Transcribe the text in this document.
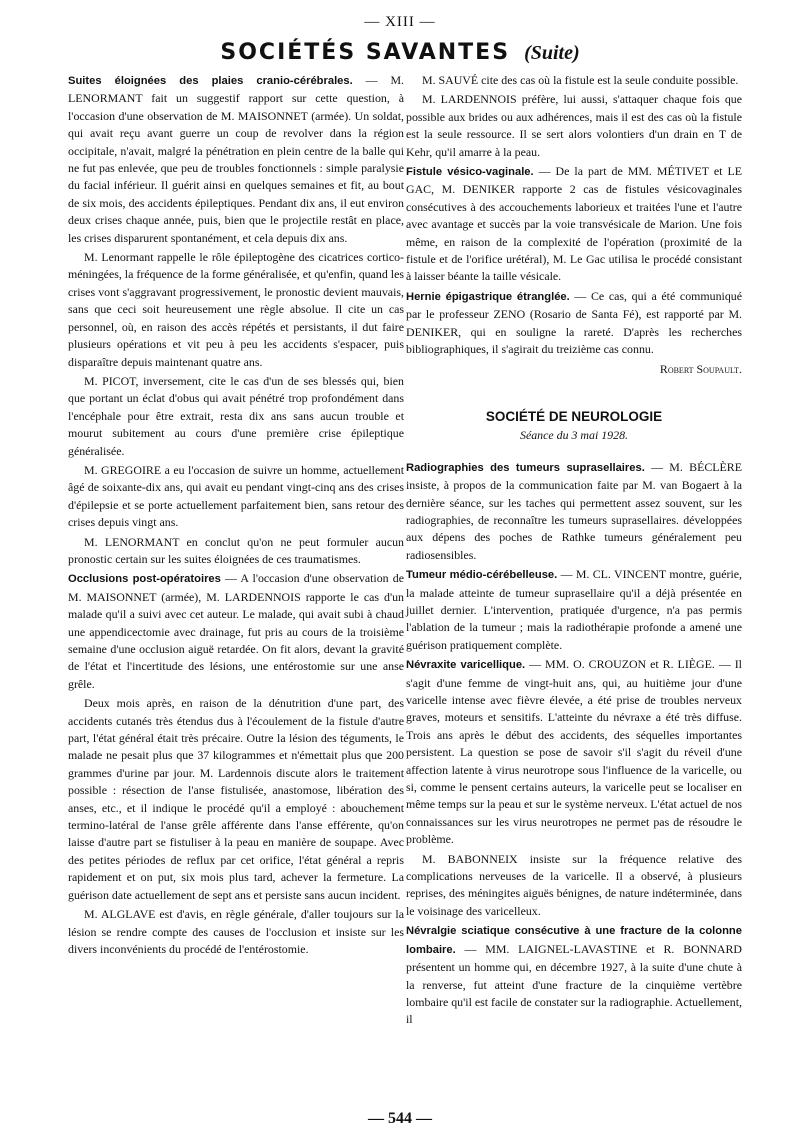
— XIII —
SOCIÉTÉS SAVANTES (Suite)

Suites éloignées des plaies cranio-cérébrales. — M. LENORMANT fait un suggestif rapport sur cette question, à l'occasion d'une observation de M. MAISONNET (armée). Un soldat, qui avait reçu avant guerre un coup de revolver dans la région occipitale, n'avait, malgré la pénétration en plein centre de la balle qui ne fut pas enlevée, que peu de troubles fonctionnels : simple paralysie du facial inférieur. Il guérit ainsi en quelques semaines et fit, au bout de six mois, des accidents épileptiques. Pendant dix ans, il eut environ deux crises chaque année, puis, bien que le projectile restât en place, les crises disparurent spontanément, et cela depuis dix ans.

M. Lenormant rappelle le rôle épileptogène des cicatrices cortico-méningées, la fréquence de la forme généralisée, et qu'enfin, quand les crises vont s'aggravant progressivement, le pronostic devient mauvais, sans que ceci soit heureusement une règle absolue. Il cite un cas personnel, où, en raison des accès répétés et persistants, il dut faire plusieurs opérations et vit peu à peu les accidents s'espacer, puis disparaître depuis maintenant quatre ans.

M. PICOT, inversement, cite le cas d'un de ses blessés qui, bien que portant un éclat d'obus qui avait pénétré trop profondément dans l'encéphale pour être extrait, resta dix ans sans aucun trouble et mourut subitement au cours d'une première crise épileptique généralisée.

M. GREGOIRE a eu l'occasion de suivre un homme, actuellement âgé de soixante-dix ans, qui avait eu pendant vingt-cinq ans des crises d'épilepsie et se porte actuellement parfaitement bien, sans retour des crises depuis vingt ans.

M. LENORMANT en conclut qu'on ne peut formuler aucun pronostic certain sur les suites éloignées de ces traumatismes.

Occlusions post-opératoires — A l'occasion d'une observation de M. MAISONNET (armée), M. LARDENNOIS rapporte le cas d'un malade qu'il a suivi avec cet auteur. Le malade, qui avait subi à chaud une appendicectomie avec drainage, fut pris au cours de la troisième semaine d'une occlusion aiguë retardée. On fit alors, devant la gravité de l'état et l'incertitude des lésions, une entérostomie sur une anse grêle.

Deux mois après, en raison de la dénutrition d'une part, des accidents cutanés très étendus dus à l'écoulement de la fistule d'autre part, l'état général était très précaire. Outre la lésion des téguments, le malade ne pesait plus que 37 kilogrammes et n'émettait plus que 200 grammes d'urine par jour. M. Lardennois discute alors le traitement possible : résection de l'anse fistulisée, anastomose, libération des anses, etc., et il indique le procédé qu'il a employé : abouchement termino-latéral de l'anse grêle afférente dans l'anse efférente, qu'on laisse d'autre part se fistuliser à la peau en manière de soupape. Avec des petites périodes de reflux par cet orifice, l'état général a repris rapidement et on put, six mois plus tard, achever la fermeture. La guérison date actuellement de sept ans et persiste sans aucun incident.

M. ALGLAVE est d'avis, en règle générale, d'aller toujours sur la lésion se rendre compte des causes de l'occlusion et insiste sur les divers inconvénients du procédé de l'entérostomie.

M. SAUVÉ cite des cas où la fistule est la seule conduite possible.

M. LARDENNOIS préfère, lui aussi, s'attaquer chaque fois que possible aux brides ou aux adhérences, mais il est des cas où la fistule est la seule ressource. Il se sert alors volontiers d'un drain en T de Kehr, qu'il amarre à la peau.

Fistule vésico-vaginale. — De la part de MM. MÉTIVET et LE GAC, M. DENIKER rapporte 2 cas de fistules vésicovaginales consécutives à des accouchements laborieux et traitées l'une et l'autre avec avantage et succès par la voie transvésicale de Marion. Une fois même, en raison de la complexité de l'opération (proximité de la fistule et de l'orifice urétéral), M. Le Gac utilisa le procédé consistant à laisser béante la taille vésicale.

Hernie épigastrique étranglée. — Ce cas, qui a été communiqué par le professeur ZENO (Rosario de Santa Fé), est rapporté par M. DENIKER, qui en souligne la rareté. D'après les recherches bibliographiques, il s'agirait du treizième cas connu.

Robert Soupault.

SOCIÉTÉ DE NEUROLOGIE
Séance du 3 mai 1928.

Radiographies des tumeurs suprasellaires. — M. BÉCLÈRE insiste, à propos de la communication faite par M. van Bogaert à la dernière séance, sur les taches qui permettent assez souvent, sur les radiographies, de reconnaître les tumeurs suprasellaires. développées aux dépens des poches de Rathke tumeurs généralement peu radiosensibles.

Tumeur médio-cérébelleuse. — M. CL. VINCENT montre, guérie, la malade atteinte de tumeur suprasellaire qu'il a déjà présentée en juillet dernier. L'intervention, pratiquée d'urgence, n'a pas permis l'ablation de la tumeur ; mais la radiothérapie profonde a amené une guérison pratiquement complète.

Névraxite varicellique. — MM. O. CROUZON et R. LIÈGE. — Il s'agit d'une femme de vingt-huit ans, qui, au huitième jour d'une varicelle intense avec fièvre élevée, a été prise de troubles nerveux graves, moteurs et sensitifs. L'atteinte du névraxe a été très diffuse. Trois ans après le début des accidents, des séquelles importantes persistent. La question se pose de savoir s'il s'agit du réveil d'une affection latente à virus neurotrope sous l'influence de la varicelle, ou si, comme le pensent certains auteurs, la varicelle peut se localiser en même temps sur la peau et sur le système nerveux. L'état actuel de nos connaissances sur les virus neurotropes ne permet pas de résoudre le problème.

M. BABONNEIX insiste sur la fréquence relative des complications nerveuses de la varicelle. Il a observé, à plusieurs reprises, des méningites aiguës bénignes, de nature indéterminée, dans le voisinage des varicelleux.

Névralgie sciatique consécutive à une fracture de la colonne lombaire. — MM. LAIGNEL-LAVASTINE et R. BONNARD présentent un homme qui, en décembre 1927, à la suite d'une chute à la renverse, fut atteint d'une fracture de la cinquième vertèbre lombaire qu'il est facile de constater sur la radiographie. Actuellement, il

— 544 —
